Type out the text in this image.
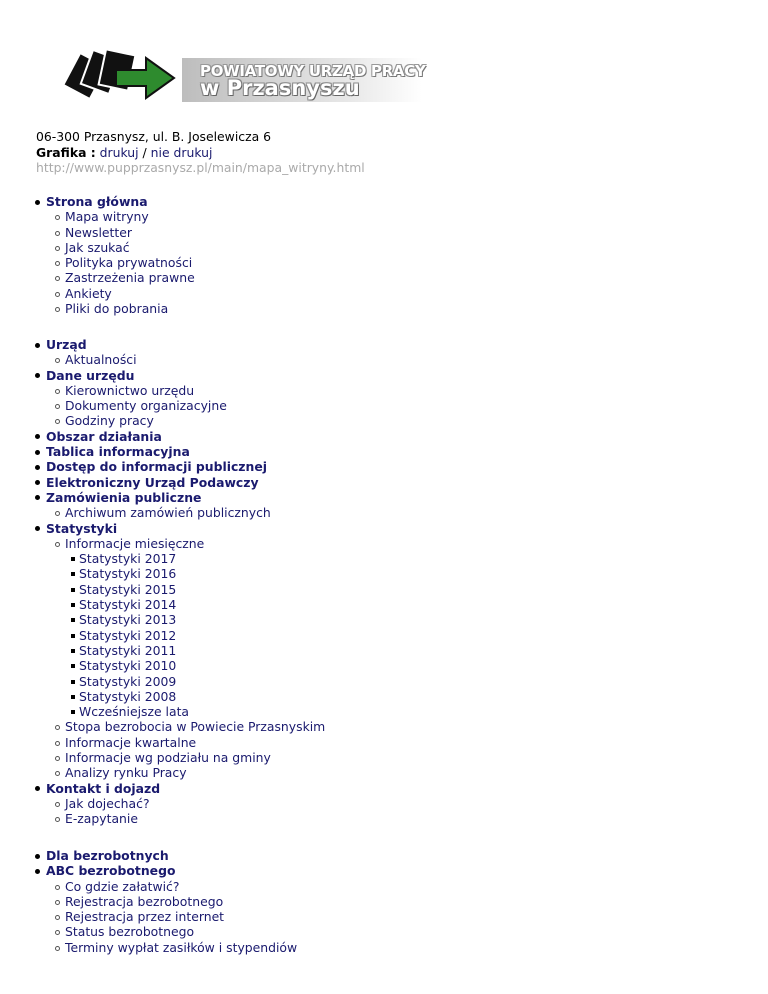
POWIATOWY URZĄD PRACY
w Przasnyszu
06-300 Przasnysz, ul. B. Joselewicza 6
Grafika : drukuj / nie drukuj
http://www.pupprzasnysz.pl/main/mapa_witryny.html
Strona główna
Mapa witryny
Newsletter
Jak szukać
Polityka prywatności
Zastrzeżenia prawne
Ankiety
Pliki do pobrania
Urząd
Aktualności
Dane urzędu
Kierownictwo urzędu
Dokumenty organizacyjne
Godziny pracy
Obszar działania
Tablica informacyjna
Dostęp do informacji publicznej
Elektroniczny Urząd Podawczy
Zamówienia publiczne
Archiwum zamówień publicznych
Statystyki
Informacje miesięczne
Statystyki 2017
Statystyki 2016
Statystyki 2015
Statystyki 2014
Statystyki 2013
Statystyki 2012
Statystyki 2011
Statystyki 2010
Statystyki 2009
Statystyki 2008
Wcześniejsze lata
Stopa bezrobocia w Powiecie Przasnyskim
Informacje kwartalne
Informacje wg podziału na gminy
Analizy rynku Pracy
Kontakt i dojazd
Jak dojechać?
E-zapytanie
Dla bezrobotnych
ABC bezrobotnego
Co gdzie załatwić?
Rejestracja bezrobotnego
Rejestracja przez internet
Status bezrobotnego
Terminy wypłat zasiłków i stypendiów
